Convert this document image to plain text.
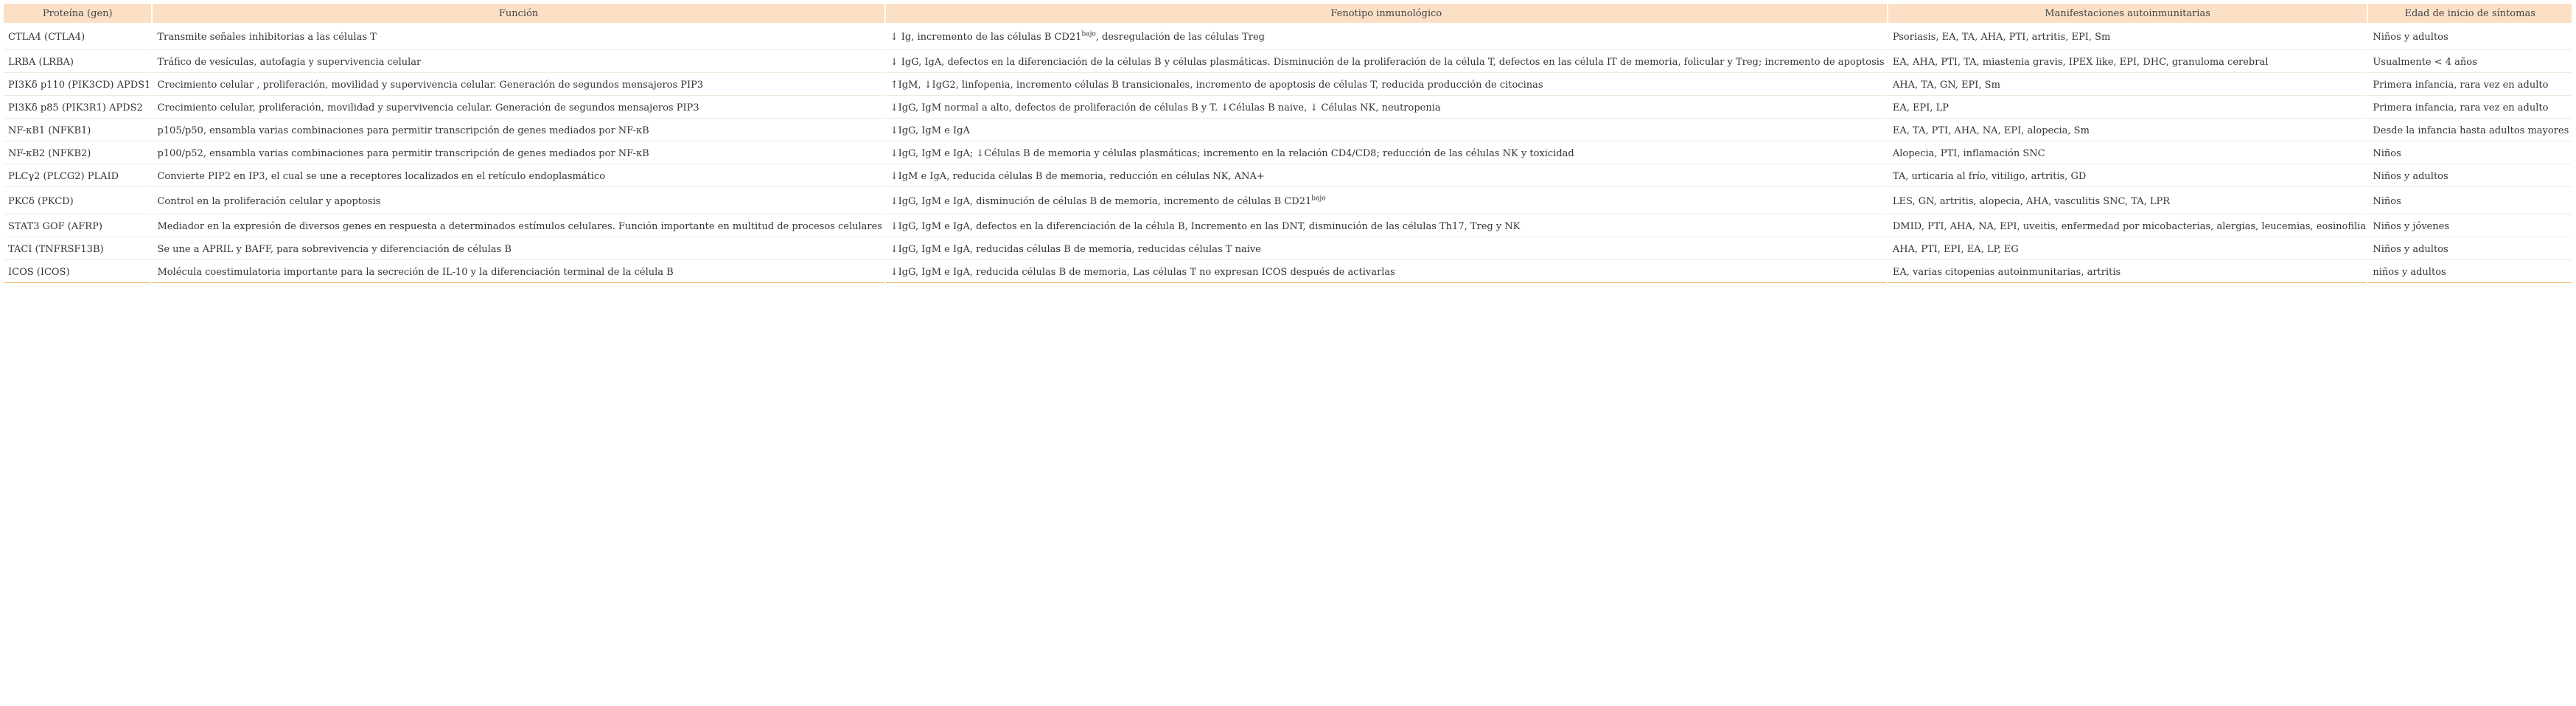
Proteína (gen)	Función	Fenotipo inmunológico	Manifestaciones autoinmunitarias	Edad de inicio de síntomas
CTLA4 (CTLA4)	Transmite señales inhibitorias a las células T	↓ Ig, incremento de las células B $CD21^{bajo}$, desregulación de las células Treg	Psoriasis, EA, TA, AHA, PTI, artritis, EPI, Sm	Niños y adultos
LRBA (LRBA)	Tráfico de vesículas, autofagia y supervivencia celular	↓ IgG, IgA, defectos en la diferenciación de la células B y células plasmáticas. Disminución de la proliferación de la célula T, defectos en las célula IT de memoria, folicular y Treg; incremento de apoptosis	EA, AHA, PTI, TA, miastenia gravis, IPEX like, EPI, DHC, granuloma cerebral	Usualmente < 4 años
PI3Kδ p110 (PIK3CD) APDS1	Crecimiento celular , proliferación, movilidad y supervivencia celular. Generación de segundos mensajeros PIP3	↑IgM, ↓IgG2, linfopenia, incremento células B transicionales, incremento de apoptosis de células T, reducida producción de citocinas	AHA, TA, GN, EPI, Sm	Primera infancia, rara vez en adulto
PI3Kδ p85 (PIK3R1) APDS2	Crecimiento celular, proliferación, movilidad y supervivencia celular. Generación de segundos mensajeros PIP3	↓IgG, IgM normal a alto, defectos de proliferación de células B y T. ↓Células B naive, ↓ Células NK, neutropenia	EA, EPI, LP	Primera infancia, rara vez en adulto
NF-κB1 (NFKB1)	p105/p50, ensambla varias combinaciones para permitir transcripción de genes mediados por NF-κB	↓IgG, IgM e IgA	EA, TA, PTI, AHA, NA, EPI, alopecia, Sm	Desde la infancia hasta adultos mayores
NF-κB2 (NFKB2)	p100/p52, ensambla varias combinaciones para permitir transcripción de genes mediados por NF-κB	↓IgG, IgM e IgA; ↓Células B de memoria y células plasmáticas; incremento en la relación CD4/CD8; reducción de las células NK y toxicidad	Alopecia, PTI, inflamación SNC	Niños
PLCγ2 (PLCG2) PLAID	Convierte PIP2 en IP3, el cual se une a receptores localizados en el retículo endoplasmático	↓IgM e IgA, reducida células B de memoria, reducción en células NK, ANA+	TA, urticaria al frío, vitiligo, artritis, GD	Niños y adultos
PKCδ (PKCD)	Control en la proliferación celular y apoptosis	↓IgG, IgM e IgA, disminución de células B de memoria, incremento de células B $CD21^{bajo}$	LES, GN, artritis, alopecia, AHA, vasculitis SNC, TA, LPR	Niños
STAT3 GOF (AFRP)	Mediador en la expresión de diversos genes en respuesta a determinados estímulos celulares. Función importante en multitud de procesos celulares	↓IgG, IgM e IgA, defectos en la diferenciación de la célula B, Incremento en las DNT, disminución de las células Th17, Treg y NK	DMID, PTI, AHA, NA, EPI, uveitis, enfermedad por micobacterias, alergias, leucemias, eosinofilia	Niños y jóvenes
TACI (TNFRSF13B)	Se une a APRIL y BAFF, para sobrevivencia y diferenciación de células B	↓IgG, IgM e IgA, reducidas células B de memoria, reducidas células T naive	AHA, PTI, EPI, EA, LP, EG	Niños y adultos
ICOS (ICOS)	Molécula coestimulatoria importante para la secreción de IL-10 y la diferenciación terminal de la célula B	↓IgG, IgM e IgA, reducida células B de memoria, Las células T no expresan ICOS después de activarlas	EA, varias citopenias autoinmunitarias, artritis	niños y adultos
